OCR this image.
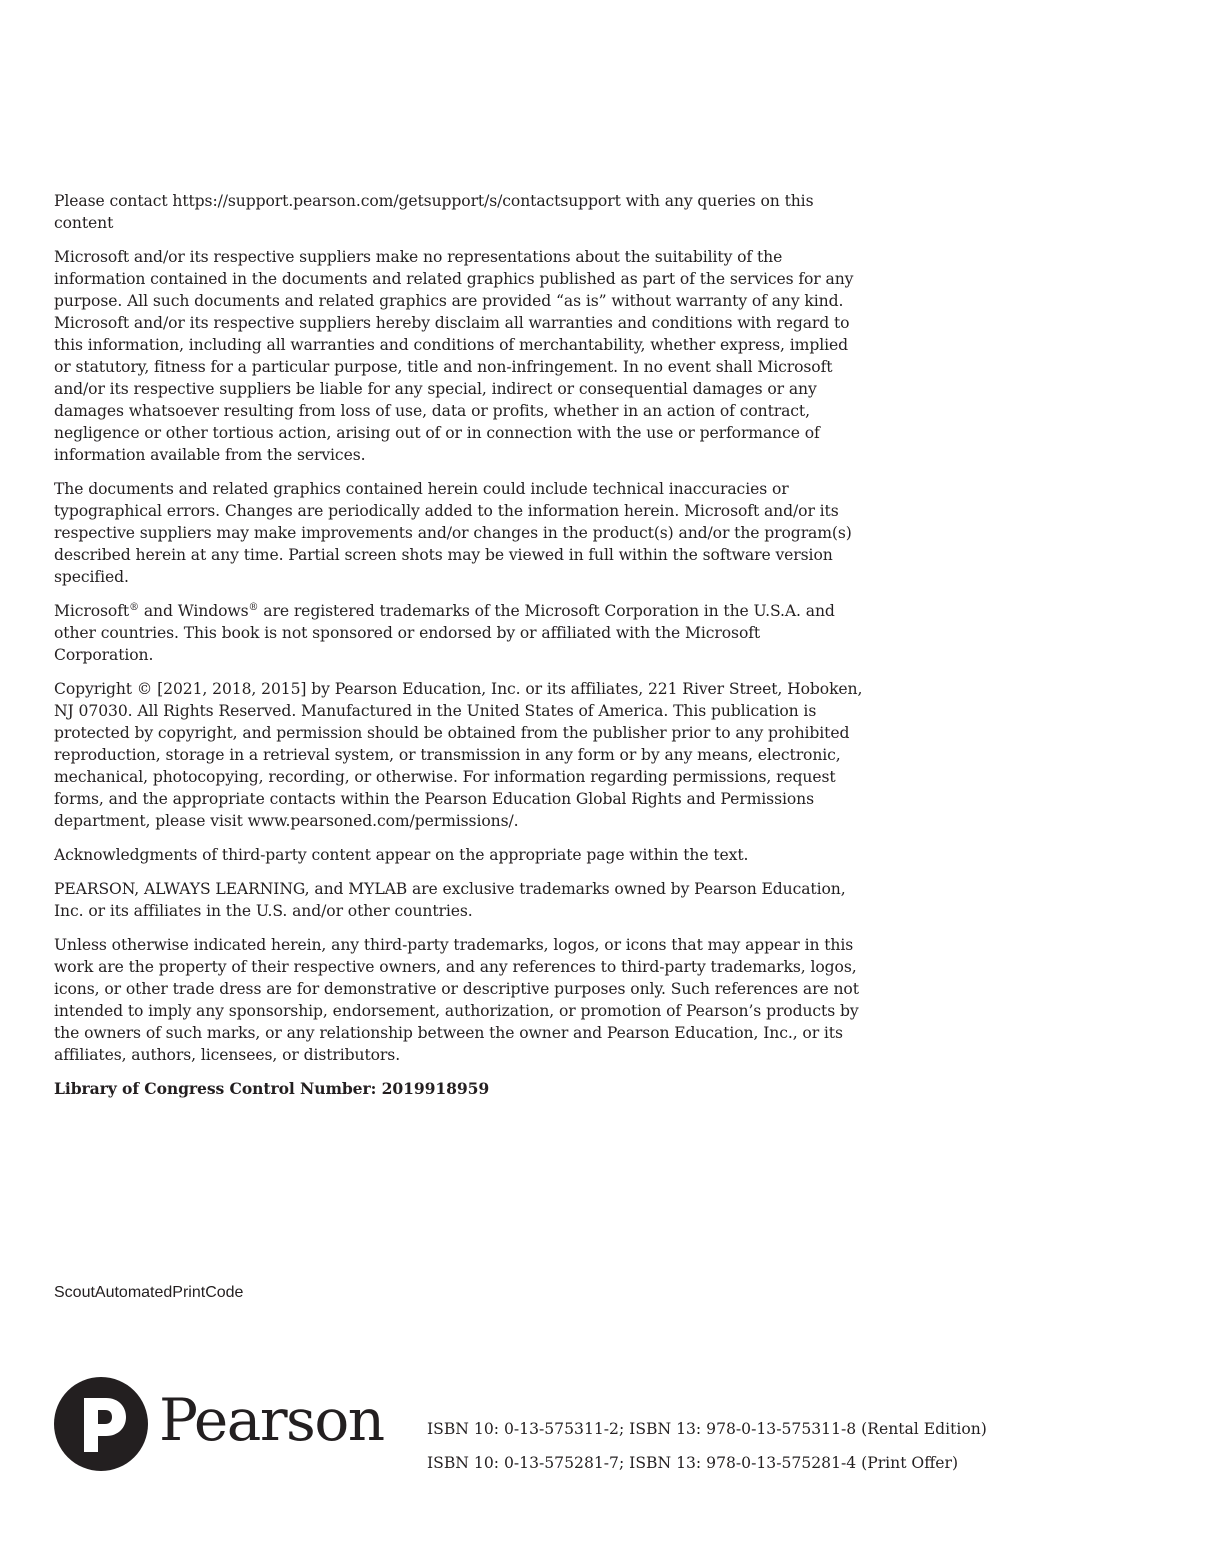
Please contact https://support.pearson.com/getsupport/s/contactsupport with any queries on this content

Microsoft and/or its respective suppliers make no representations about the suitability of the information contained in the documents and related graphics published as part of the services for any purpose. All such documents and related graphics are provided “as is” without warranty of any kind. Microsoft and/or its respective suppliers hereby disclaim all warranties and conditions with regard to this information, including all warranties and conditions of merchantability, whether express, implied or statutory, fitness for a particular purpose, title and non-infringement. In no event shall Microsoft and/or its respective suppliers be liable for any special, indirect or consequential damages or any damages whatsoever resulting from loss of use, data or profits, whether in an action of contract, negligence or other tortious action, arising out of or in connection with the use or performance of information available from the services.

The documents and related graphics contained herein could include technical inaccuracies or typographical errors. Changes are periodically added to the information herein. Microsoft and/or its respective suppliers may make improvements and/or changes in the product(s) and/or the program(s) described herein at any time. Partial screen shots may be viewed in full within the software version specified.

Microsoft® and Windows® are registered trademarks of the Microsoft Corporation in the U.S.A. and other countries. This book is not sponsored or endorsed by or affiliated with the Microsoft Corporation.

Copyright © [2021, 2018, 2015] by Pearson Education, Inc. or its affiliates, 221 River Street, Hoboken, NJ 07030. All Rights Reserved. Manufactured in the United States of America. This publication is protected by copyright, and permission should be obtained from the publisher prior to any prohibited reproduction, storage in a retrieval system, or transmission in any form or by any means, electronic, mechanical, photocopying, recording, or otherwise. For information regarding permissions, request forms, and the appropriate contacts within the Pearson Education Global Rights and Permissions department, please visit www.pearsoned.com/permissions/.

Acknowledgments of third-party content appear on the appropriate page within the text.

PEARSON, ALWAYS LEARNING, and MYLAB are exclusive trademarks owned by Pearson Education, Inc. or its affiliates in the U.S. and/or other countries.

Unless otherwise indicated herein, any third-party trademarks, logos, or icons that may appear in this work are the property of their respective owners, and any references to third-party trademarks, logos, icons, or other trade dress are for demonstrative or descriptive purposes only. Such references are not intended to imply any sponsorship, endorsement, authorization, or promotion of Pearson’s products by the owners of such marks, or any relationship between the owner and Pearson Education, Inc., or its affiliates, authors, licensees, or distributors.

Library of Congress Control Number: 2019918959

ScoutAutomatedPrintCode
Pearson	ISBN 10: 0-13-575311-2; ISBN 13: 978-0-13-575311-8 (Rental Edition)
ISBN 10: 0-13-575281-7; ISBN 13: 978-0-13-575281-4 (Print Offer)
